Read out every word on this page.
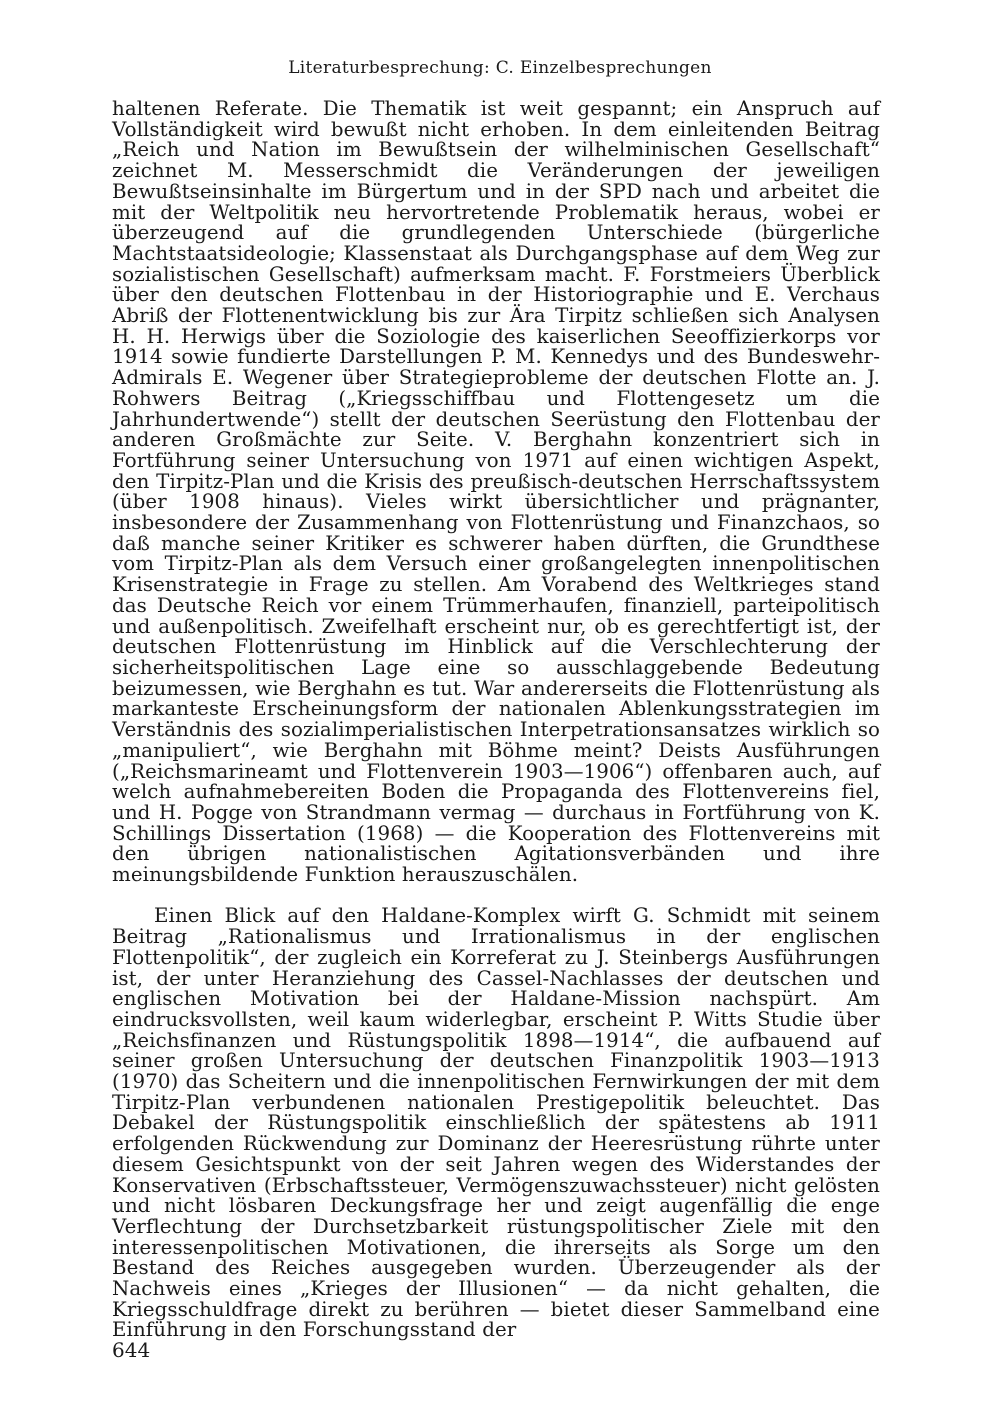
Literaturbesprechung: C. Einzelbesprechungen

haltenen Referate. Die Thematik ist weit gespannt; ein Anspruch auf Vollständigkeit wird bewußt nicht erhoben. In dem einleitenden Beitrag „Reich und Nation im Bewußtsein der wilhelminischen Gesellschaft“ zeichnet M. Messerschmidt die Veränderungen der jeweiligen Bewußtseinsinhalte im Bürgertum und in der SPD nach und arbeitet die mit der Weltpolitik neu hervortretende Problematik heraus, wobei er überzeugend auf die grundlegenden Unterschiede (bürgerliche Machtstaatsideologie; Klassenstaat als Durchgangsphase auf dem Weg zur sozialistischen Gesellschaft) aufmerksam macht. F. Forstmeiers Überblick über den deutschen Flottenbau in der Historiographie und E. Verchaus Abriß der Flottenentwicklung bis zur Ära Tirpitz schließen sich Analysen H. H. Herwigs über die Soziologie des kaiserlichen Seeoffizierkorps vor 1914 sowie fundierte Darstellungen P. M. Kennedys und des Bundeswehr-Admirals E. Wegener über Strategieprobleme der deutschen Flotte an. J. Rohwers Beitrag („Kriegsschiffbau und Flottengesetz um die Jahrhundertwende“) stellt der deutschen Seerüstung den Flottenbau der anderen Großmächte zur Seite. V. Berghahn konzentriert sich in Fortführung seiner Untersuchung von 1971 auf einen wichtigen Aspekt, den Tirpitz-Plan und die Krisis des preußisch-deutschen Herrschaftssystem (über 1908 hinaus). Vieles wirkt übersichtlicher und prägnanter, insbesondere der Zusammenhang von Flottenrüstung und Finanzchaos, so daß manche seiner Kritiker es schwerer haben dürften, die Grundthese vom Tirpitz-Plan als dem Versuch einer großangelegten innenpolitischen Krisenstrategie in Frage zu stellen. Am Vorabend des Weltkrieges stand das Deutsche Reich vor einem Trümmerhaufen, finanziell, parteipolitisch und außenpolitisch. Zweifelhaft erscheint nur, ob es gerechtfertigt ist, der deutschen Flottenrüstung im Hinblick auf die Verschlechterung der sicherheitspolitischen Lage eine so ausschlaggebende Bedeutung beizumessen, wie Berghahn es tut. War andererseits die Flottenrüstung als markanteste Erscheinungsform der nationalen Ablenkungsstrategien im Verständnis des sozialimperialistischen Interpetrationsansatzes wirklich so „manipuliert“, wie Berghahn mit Böhme meint? Deists Ausführungen („Reichsmarineamt und Flottenverein 1903—1906“) offenbaren auch, auf welch aufnahmebereiten Boden die Propaganda des Flottenvereins fiel, und H. Pogge von Strandmann vermag — durchaus in Fortführung von K. Schillings Dissertation (1968) — die Kooperation des Flottenvereins mit den übrigen nationalistischen Agitationsverbänden und ihre meinungsbildende Funktion herauszuschälen.

Einen Blick auf den Haldane-Komplex wirft G. Schmidt mit seinem Beitrag „Rationalismus und Irrationalismus in der englischen Flottenpolitik“, der zugleich ein Korreferat zu J. Steinbergs Ausführungen ist, der unter Heranziehung des Cassel-Nachlasses der deutschen und englischen Motivation bei der Haldane-Mission nachspürt. Am eindrucksvollsten, weil kaum widerlegbar, erscheint P. Witts Studie über „Reichsfinanzen und Rüstungspolitik 1898—1914“, die aufbauend auf seiner großen Untersuchung der deutschen Finanzpolitik 1903—1913 (1970) das Scheitern und die innenpolitischen Fernwirkungen der mit dem Tirpitz-Plan verbundenen nationalen Prestigepolitik beleuchtet. Das Debakel der Rüstungspolitik einschließlich der spätestens ab 1911 erfolgenden Rückwendung zur Dominanz der Heeresrüstung rührte unter diesem Gesichtspunkt von der seit Jahren wegen des Widerstandes der Konservativen (Erbschaftssteuer, Vermögenszuwachssteuer) nicht gelösten und nicht lösbaren Deckungsfrage her und zeigt augenfällig die enge Verflechtung der Durchsetzbarkeit rüstungspolitischer Ziele mit den interessenpolitischen Motivationen, die ihrerseits als Sorge um den Bestand des Reiches ausgegeben wurden. Überzeugender als der Nachweis eines „Krieges der Illusionen“ — da nicht gehalten, die Kriegsschuldfrage direkt zu berühren — bietet dieser Sammelband eine Einführung in den Forschungsstand der

644
